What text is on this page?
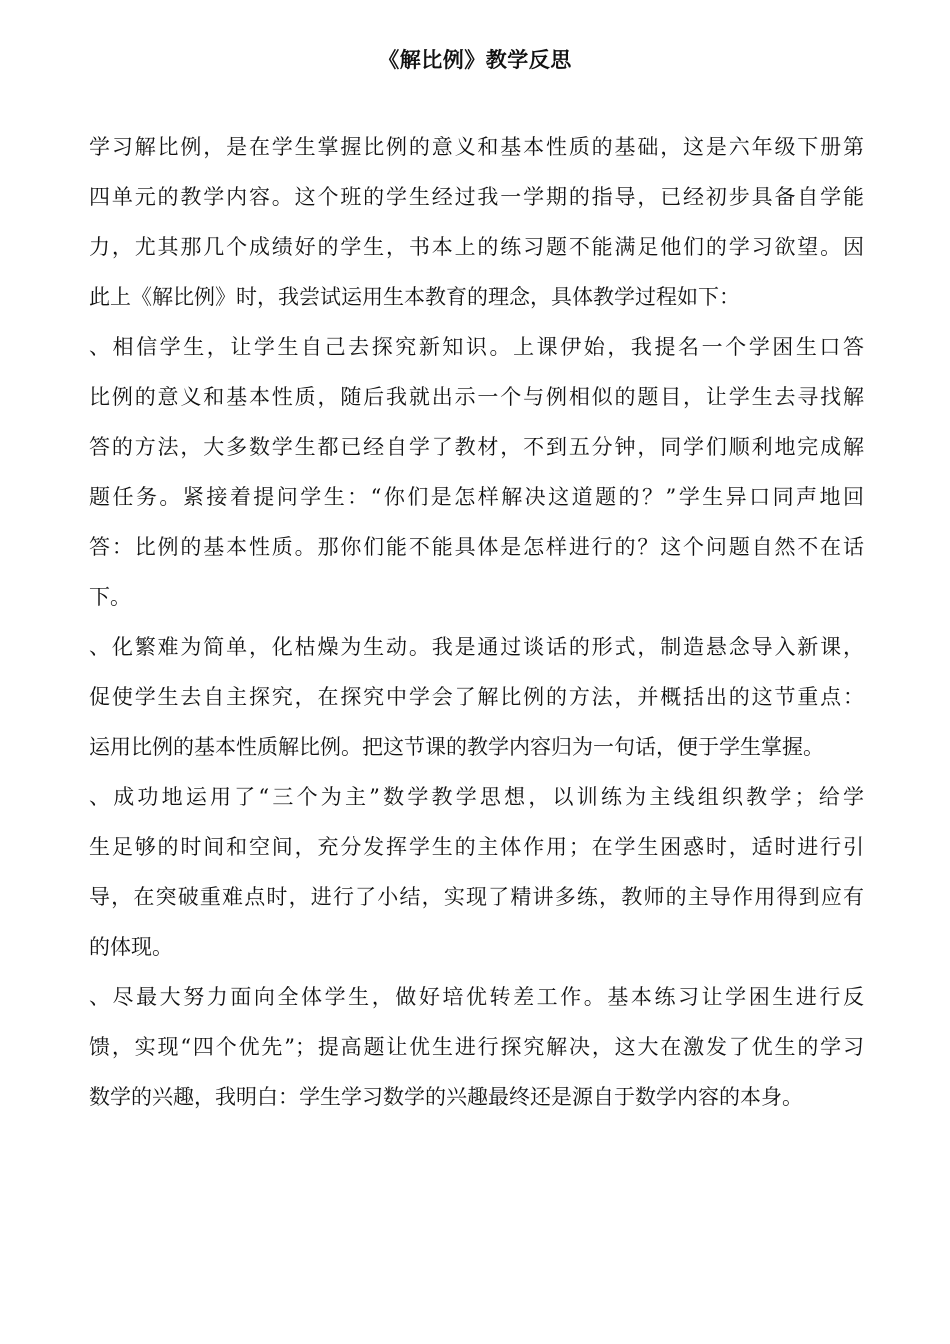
《解比例》教学反思
学习解比例，是在学生掌握比例的意义和基本性质的基础，这是六年级下册第
四单元的教学内容。这个班的学生经过我一学期的指导，已经初步具备自学能
力，尤其那几个成绩好的学生，书本上的练习题不能满足他们的学习欲望。因
此上《解比例》时，我尝试运用生本教育的理念，具体教学过程如下：
、相信学生，让学生自己去探究新知识。上课伊始，我提名一个学困生口答
比例的意义和基本性质，随后我就出示一个与例相似的题目，让学生去寻找解
答的方法，大多数学生都已经自学了教材，不到五分钟，同学们顺利地完成解
题任务。紧接着提问学生：“你们是怎样解决这道题的？”学生异口同声地回
答：比例的基本性质。那你们能不能具体是怎样进行的？这个问题自然不在话
下。
、化繁难为简单，化枯燥为生动。我是通过谈话的形式，制造悬念导入新课，
促使学生去自主探究，在探究中学会了解比例的方法，并概括出的这节重点：
运用比例的基本性质解比例。把这节课的教学内容归为一句话，便于学生掌握。
、成功地运用了“三个为主”数学教学思想，以训练为主线组织教学；给学
生足够的时间和空间，充分发挥学生的主体作用；在学生困惑时，适时进行引
导，在突破重难点时，进行了小结，实现了精讲多练，教师的主导作用得到应有
的体现。
、尽最大努力面向全体学生，做好培优转差工作。基本练习让学困生进行反
馈，实现“四个优先”；提高题让优生进行探究解决，这大在激发了优生的学习
数学的兴趣，我明白：学生学习数学的兴趣最终还是源自于数学内容的本身。
